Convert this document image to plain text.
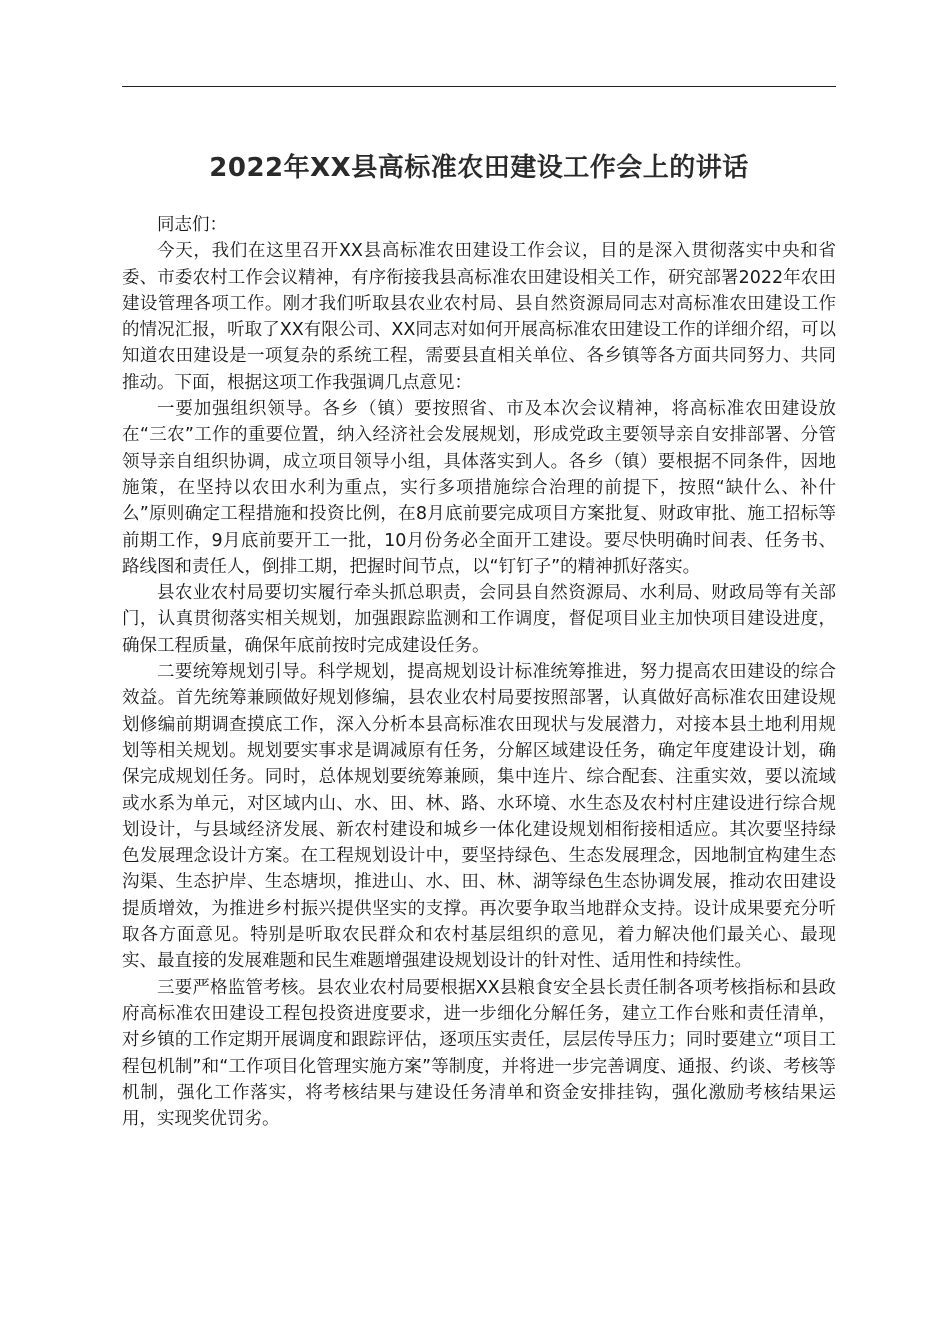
2022年XX县高标准农田建设工作会上的讲话

同志们：

今天，我们在这里召开XX县高标准农田建设工作会议，目的是深入贯彻落实中央和省委、市委农村工作会议精神，有序衔接我县高标准农田建设相关工作，研究部署2022年农田建设管理各项工作。刚才我们听取县农业农村局、县自然资源局同志对高标准农田建设工作的情况汇报，听取了XX有限公司、XX同志对如何开展高标准农田建设工作的详细介绍，可以知道农田建设是一项复杂的系统工程，需要县直相关单位、各乡镇等各方面共同努力、共同推动。下面，根据这项工作我强调几点意见：

一要加强组织领导。各乡（镇）要按照省、市及本次会议精神，将高标准农田建设放在“三农”工作的重要位置，纳入经济社会发展规划，形成党政主要领导亲自安排部署、分管领导亲自组织协调，成立项目领导小组，具体落实到人。各乡（镇）要根据不同条件，因地施策，在坚持以农田水利为重点，实行多项措施综合治理的前提下，按照“缺什么、补什么”原则确定工程措施和投资比例，在8月底前要完成项目方案批复、财政审批、施工招标等前期工作，9月底前要开工一批，10月份务必全面开工建设。要尽快明确时间表、任务书、路线图和责任人，倒排工期，把握时间节点，以“钉钉子”的精神抓好落实。

县农业农村局要切实履行牵头抓总职责，会同县自然资源局、水利局、财政局等有关部门，认真贯彻落实相关规划，加强跟踪监测和工作调度，督促项目业主加快项目建设进度，确保工程质量，确保年底前按时完成建设任务。

二要统筹规划引导。科学规划，提高规划设计标准统筹推进，努力提高农田建设的综合效益。首先统筹兼顾做好规划修编，县农业农村局要按照部署，认真做好高标准农田建设规划修编前期调查摸底工作，深入分析本县高标准农田现状与发展潜力，对接本县土地利用规划等相关规划。规划要实事求是调减原有任务，分解区域建设任务，确定年度建设计划，确保完成规划任务。同时，总体规划要统筹兼顾，集中连片、综合配套、注重实效，要以流域或水系为单元，对区域内山、水、田、林、路、水环境、水生态及农村村庄建设进行综合规划设计，与县域经济发展、新农村建设和城乡一体化建设规划相衔接相适应。其次要坚持绿色发展理念设计方案。在工程规划设计中，要坚持绿色、生态发展理念，因地制宜构建生态沟渠、生态护岸、生态塘坝，推进山、水、田、林、湖等绿色生态协调发展，推动农田建设提质增效，为推进乡村振兴提供坚实的支撑。再次要争取当地群众支持。设计成果要充分听取各方面意见。特别是听取农民群众和农村基层组织的意见，着力解决他们最关心、最现实、最直接的发展难题和民生难题增强建设规划设计的针对性、适用性和持续性。

三要严格监管考核。县农业农村局要根据XX县粮食安全县长责任制各项考核指标和县政府高标准农田建设工程包投资进度要求，进一步细化分解任务，建立工作台账和责任清单，对乡镇的工作定期开展调度和跟踪评估，逐项压实责任，层层传导压力；同时要建立“项目工程包机制”和“工作项目化管理实施方案”等制度，并将进一步完善调度、通报、约谈、考核等机制，强化工作落实，将考核结果与建设任务清单和资金安排挂钩，强化激励考核结果运用，实现奖优罚劣。
